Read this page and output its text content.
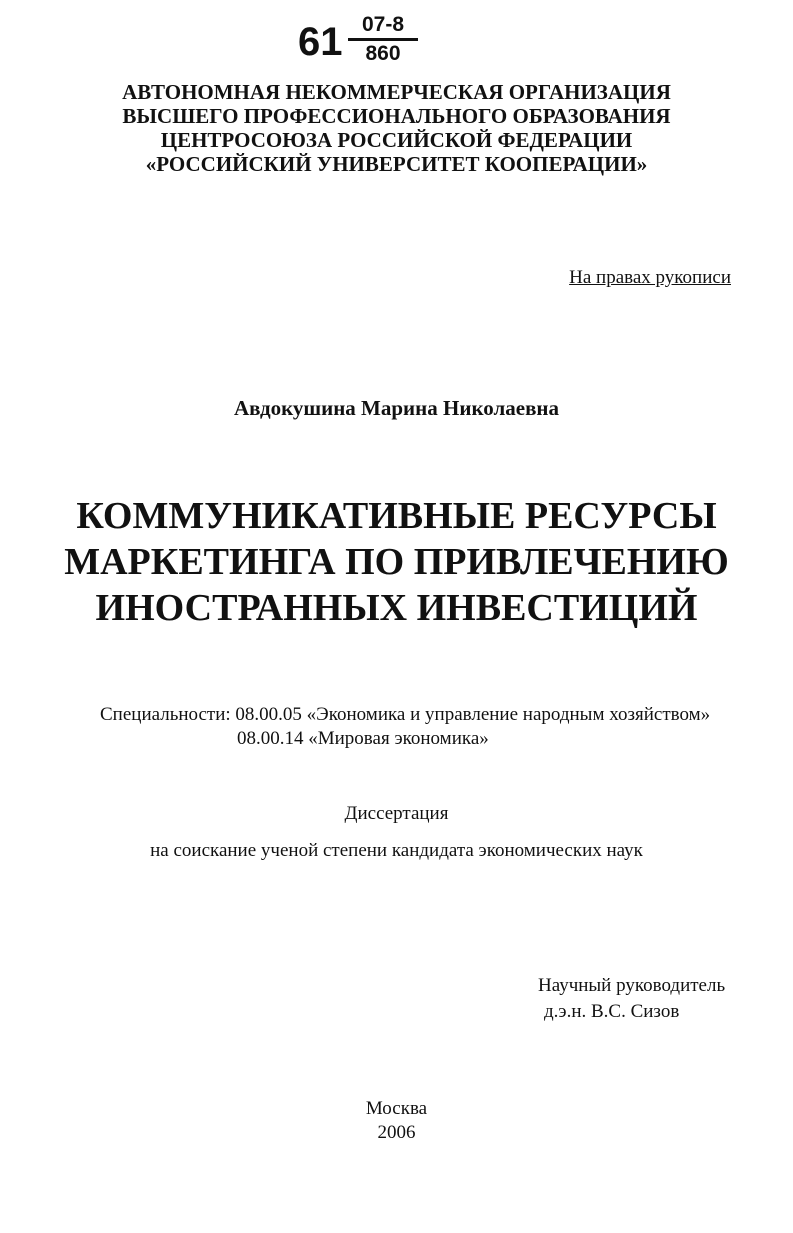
61 07-8
860
АВТОНОМНАЯ НЕКОММЕРЧЕСКАЯ ОРГАНИЗАЦИЯ
ВЫСШЕГО ПРОФЕССИОНАЛЬНОГО ОБРАЗОВАНИЯ
ЦЕНТРОСОЮЗА РОССИЙСКОЙ ФЕДЕРАЦИИ
«РОССИЙСКИЙ УНИВЕРСИТЕТ КООПЕРАЦИИ»
На правах рукописи
Авдокушина Марина Николаевна
КОММУНИКАТИВНЫЕ РЕСУРСЫ
МАРКЕТИНГА ПО ПРИВЛЕЧЕНИЮ
ИНОСТРАННЫХ ИНВЕСТИЦИЙ
Специальности: 08.00.05 «Экономика и управление народным хозяйством»
08.00.14 «Мировая экономика»
Диссертация
на соискание ученой степени кандидата экономических наук
Научный руководитель
д.э.н. В.С. Сизов
Москва
2006
